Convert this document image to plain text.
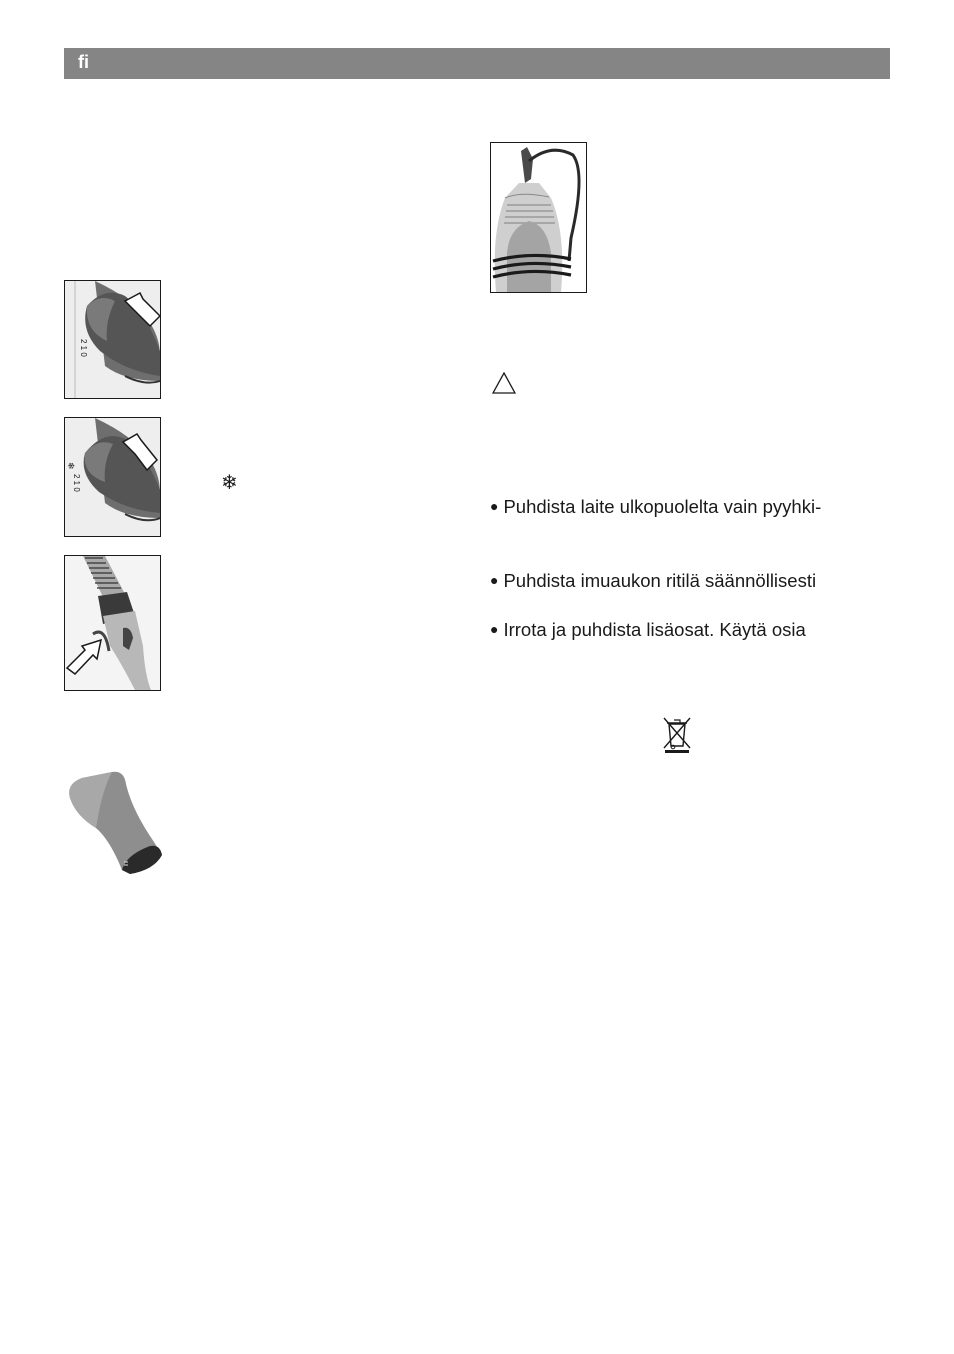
fi
2 1 0
❄
2 1 0	❄
● Puhdista laite ulkopuolelta vain pyyhki-
● Puhdista imuaukon ritilä säännöllisesti
● Irrota ja puhdista lisäosat. Käytä osia
